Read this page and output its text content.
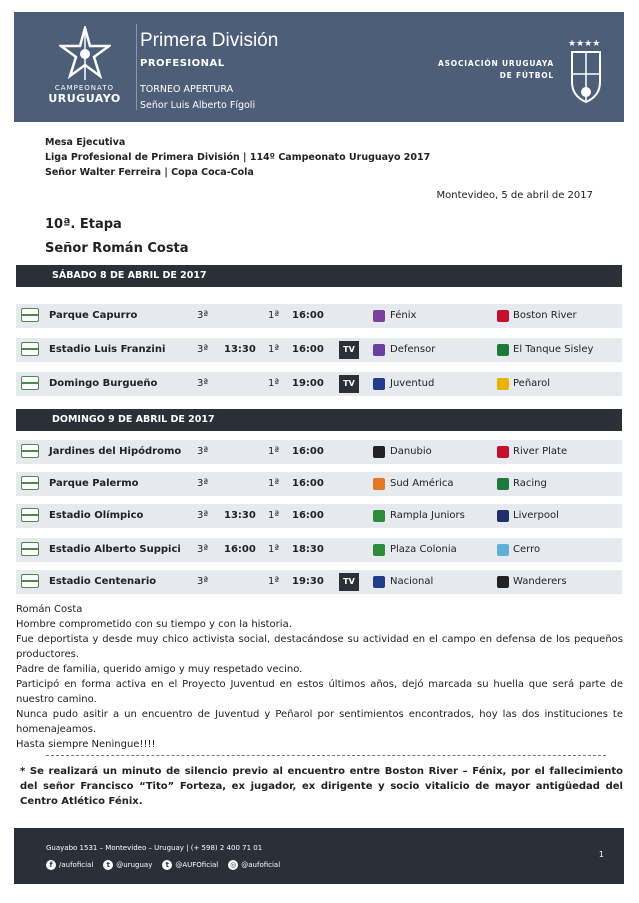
CAMPEONATO
URUGUAYO
Primera División
PROFESIONAL
TORNEO APERTURA
Señor Luis Alberto Fígoli
ASOCIACIÓN URUGUAYA
DE FÚTBOL
★★★★
Mesa Ejecutiva
Liga Profesional de Primera División | 114º Campeonato Uruguayo 2017
Señor Walter Ferreira | Copa Coca-Cola
Montevideo, 5 de abril de 2017
10ª. Etapa
Señor Román Costa
SÁBADO 8 DE ABRIL DE 2017
Parque Capurro	3ª	1ª 16:00	Fénix	Boston River
Estadio Luis Franzini	3ª 13:30 1ª 16:00	TV	Defensor	El Tanque Sisley
Domingo Burgueño	3ª	1ª 19:00	TV	Juventud	Peñarol
DOMINGO 9 DE ABRIL DE 2017
Jardines del Hipódromo 3ª	1ª 16:00	Danubio	River Plate
Parque Palermo	3ª	1ª 16:00	Sud América	Racing
Estadio Olímpico	3ª 13:30 1ª 16:00	Rampla Juniors	Liverpool
Estadio Alberto Suppici 3ª 16:00 1ª 18:30	Plaza Colonia	Cerro
Estadio Centenario	3ª	1ª 19:30	TV	Nacional	Wanderers
Román Costa
Hombre comprometido con su tiempo y con la historia.
Fue deportista y desde muy chico activista social, destacándose su actividad en el campo en defensa de los pequeños productores.
Padre de familia, querido amigo y muy respetado vecino.
Participó en forma activa en el Proyecto Juventud en estos últimos años, dejó marcada su huella que será parte de nuestro camino.
Nunca pudo asitir a un encuentro de Juventud y Peñarol por sentimientos encontrados, hoy las dos instituciones te homenajeamos.
Hasta siempre Neningue!!!!
* Se realizará un minuto de silencio previo al encuentro entre Boston River – Fénix, por el fallecimiento del señor Francisco “Tito” Forteza, ex jugador, ex dirigente y socio vitalicio de mayor antigüedad del Centro Atlético Fénix.
Guayabo 1531 – Montevideo – Uruguay | (+ 598) 2 400 71 01
f /aufoficial	t @uruguay	t @AUFOficial ◎ @aufoficial
1
